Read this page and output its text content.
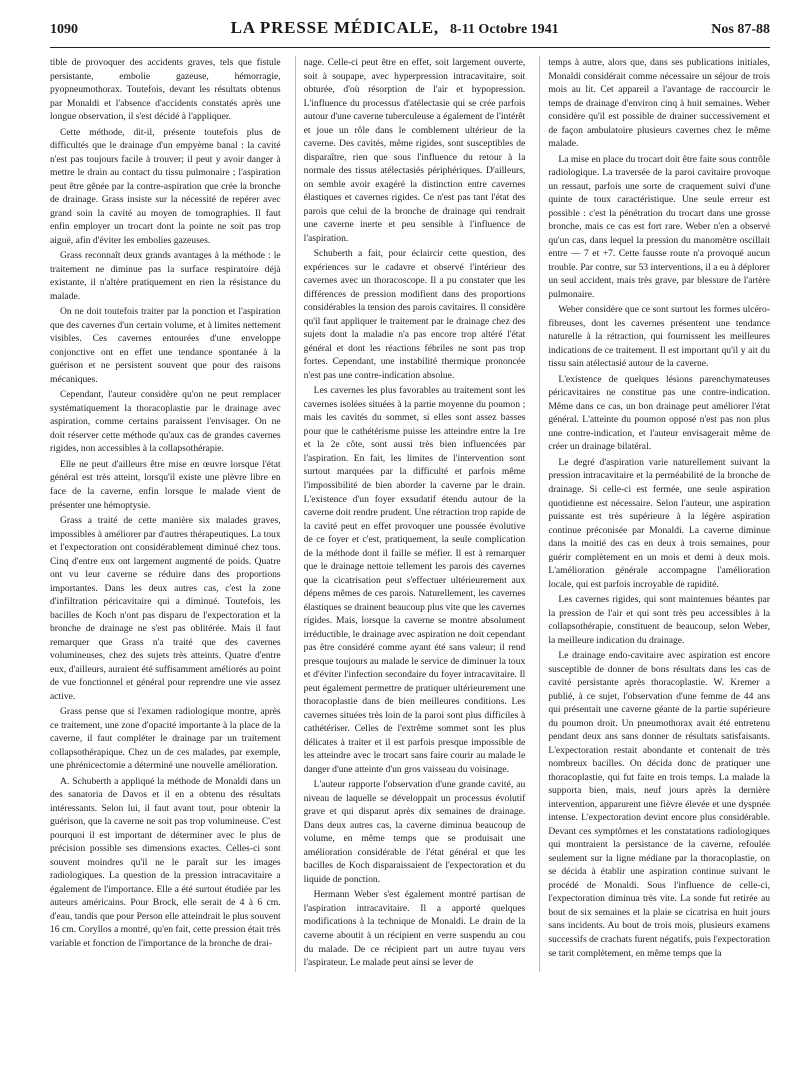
1090	LA PRESSE MÉDICALE, 8-11 Octobre 1941	Nos 87-88

tible de provoquer des accidents graves, tels que fistule persistante, embolie gazeuse, hémorragie, pyopneumothorax. Toutefois, devant les résultats obtenus par Monaldi et l'absence d'accidents constatés après une longue observation, il s'est décidé à l'appliquer.

Cette méthode, dit-il, présente toutefois plus de difficultés que le drainage d'un empyème banal : la cavité n'est pas toujours facile à trouver; il peut y avoir danger à mettre le drain au contact du tissu pulmonaire ; l'aspiration peut être gênée par la contre-aspiration que crée la bronche de drainage. Grass insiste sur la nécessité de repérer avec grand soin la cavité au moyen de tomographies. Il faut enfin employer un trocart dont la pointe ne soit pas trop aiguë, afin d'éviter les embolies gazeuses.

Grass reconnaît deux grands avantages à la méthode : le traitement ne diminue pas la surface respiratoire déjà existante, il n'altère pratiquement en rien la résistance du malade.

On ne doit toutefois traiter par la ponction et l'aspiration que des cavernes d'un certain volume, et à limites nettement visibles. Ces cavernes entourées d'une enveloppe conjonctive ont en effet une tendance spontanée à la guérison et ne persistent souvent que pour des raisons mécaniques.

Cependant, l'auteur considère qu'on ne peut remplacer systématiquement la thoracoplastie par le drainage avec aspiration, comme certains paraissent l'envisager. On ne doit réserver cette méthode qu'aux cas de grandes cavernes rigides, non accessibles à la collapsothérapie.

Elle ne peut d'ailleurs être mise en œuvre lorsque l'état général est très atteint, lorsqu'il existe une plèvre libre en face de la caverne, enfin lorsque le malade vient de présenter une hémoptysie.

Grass a traité de cette manière six malades graves, impossibles à améliorer par d'autres thérapeutiques. La toux et l'expectoration ont considérablement diminué chez tous. Cinq d'entre eux ont largement augmenté de poids. Quatre ont vu leur caverne se réduire dans des proportions importantes. Dans les deux autres cas, c'est la zone d'infiltration péricavitaire qui a diminué. Toutefois, les bacilles de Koch n'ont pas disparu de l'expectoration et la bronche de drainage ne s'est pas oblitérée. Mais il faut remarquer que Grass n'a traité que des cavernes volumineuses, chez des sujets très atteints. Quatre d'entre eux, d'ailleurs, auraient été suffisamment améliorés au point de vue fonctionnel et général pour reprendre une vie assez active.

Grass pense que si l'examen radiologique montre, après ce traitement, une zone d'opacité importante à la place de la caverne, il faut compléter le drainage par un traitement collapsothérapique. Chez un de ces malades, par exemple, une phrénicectomie a déterminé une nouvelle amélioration.

A. Schuberth a appliqué la méthode de Monaldi dans un des sanatoria de Davos et il en a obtenu des résultats intéressants. Selon lui, il faut avant tout, pour obtenir la guérison, que la caverne ne soit pas trop volumineuse. C'est pourquoi il est important de déterminer avec le plus de précision possible ses dimensions exactes. Celles-ci sont souvent moindres qu'il ne le paraît sur les images radiologiques. La question de la pression intracavitaire a également de l'importance. Elle a été surtout étudiée par les auteurs américains. Pour Brock, elle serait de 4 à 6 cm. d'eau, tandis que pour Person elle atteindrait le plus souvent 16 cm. Coryllos a montré, qu'en fait, cette pression était très variable et fonction de l'importance de la bronche de drai-

nage. Celle-ci peut être en effet, soit largement ouverte, soit à soupape, avec hyperpression intracavitaire, soit obturée, d'où résorption de l'air et hypopression. L'influence du processus d'atélectasie qui se crée parfois autour d'une caverne tuberculeuse a également de l'intérêt et joue un rôle dans le comblement ultérieur de la caverne. Des cavités, même rigides, sont susceptibles de disparaître, rien que sous l'influence du retour à la normale des tissus atélectasiés périphériques. D'ailleurs, on semble avoir exagéré la distinction entre cavernes élastiques et cavernes rigides. Ce n'est pas tant l'état des parois que celui de la bronche de drainage qui rendrait une caverne inerte et peu sensible à l'influence de l'aspiration.

Schuberth a fait, pour éclaircir cette question, des expériences sur le cadavre et observé l'intérieur des cavernes avec un thoracoscope. Il a pu constater que les différences de pression modifient dans des proportions considérables la tension des parois cavitaires. Il considère qu'il faut appliquer le traitement par le drainage chez des sujets dont la maladie n'a pas encore trop altéré l'état général et dont les réactions fébriles ne sont pas trop fortes. Cependant, une instabilité thermique prononcée n'est pas une contre-indication absolue.

Les cavernes les plus favorables au traitement sont les cavernes isolées situées à la partie moyenne du poumon ; mais les cavités du sommet, si elles sont assez basses pour que le cathétérisme puisse les atteindre entre la 1re et la 2e côte, sont aussi très bien influencées par l'aspiration. En fait, les limites de l'intervention sont surtout marquées par la difficulté et parfois même l'impossibilité de bien aborder la caverne par le drain. L'existence d'un foyer exsudatif étendu autour de la caverne doit rendre prudent. Une rétraction trop rapide de la cavité peut en effet provoquer une poussée évolutive de ce foyer et c'est, pratiquement, la seule complication de la méthode dont il faille se méfier. Il est à remarquer que le drainage nettoie tellement les parois des cavernes que la cicatrisation peut s'effectuer ultérieurement aux dépens mêmes de ces parois. Naturellement, les cavernes élastiques se drainent beaucoup plus vite que les cavernes rigides. Mais, lorsque la caverne se montre absolument irréductible, le drainage avec aspiration ne doit cependant pas être considéré comme ayant été sans valeur; il rend presque toujours au malade le service de diminuer la toux et d'éviter l'infection secondaire du foyer intracavitaire. Il peut également permettre de pratiquer ultérieurement une thoracoplastie dans de bien meilleures conditions. Les cavernes situées très loin de la paroi sont plus difficiles à cathétériser. Celles de l'extrême sommet sont les plus délicates à traiter et il est parfois presque impossible de les atteindre avec le trocart sans faire courir au malade le danger d'une atteinte d'un gros vaisseau du voisinage.

L'auteur rapporte l'observation d'une grande cavité, au niveau de laquelle se développait un processus évolutif grave et qui disparut après dix semaines de drainage. Dans deux autres cas, la caverne diminua beaucoup de volume, en même temps que se produisait une amélioration considérable de l'état général et que les bacilles de Koch disparaissaient de l'expectoration et du liquide de ponction.

Hermann Weber s'est également montré partisan de l'aspiration intracavitaire. Il a apporté quelques modifications à la technique de Monaldi. Le drain de la caverne aboutit à un récipient en verre suspendu au cou du malade. De ce récipient part un autre tuyau vers l'aspirateur. Le malade peut ainsi se lever de

temps à autre, alors que, dans ses publications initiales, Monaldi considérait comme nécessaire un séjour de trois mois au lit. Cet appareil a l'avantage de raccourcir le temps de drainage d'environ cinq à huit semaines. Weber considère qu'il est possible de drainer successivement et de façon ambulatoire plusieurs cavernes chez le même malade.

La mise en place du trocart doit être faite sous contrôle radiologique. La traversée de la paroi cavitaire provoque un ressaut, parfois une sorte de craquement suivi d'une quinte de toux caractéristique. Une seule erreur est possible : c'est la pénétration du trocart dans une grosse bronche, mais ce cas est fort rare. Weber n'en a observé qu'un cas, dans lequel la pression du manomètre oscillait entre — 7 et +7. Cette fausse route n'a provoqué aucun trouble. Par contre, sur 53 interventions, il a eu à déplorer un seul accident, mais très grave, par blessure de l'artère pulmonaire.

Weber considère que ce sont surtout les formes ulcéro-fibreuses, dont les cavernes présentent une tendance naturelle à la rétraction, qui fournissent les meilleures indications de ce traitement. Il est important qu'il y ait du tissu sain atélectasié autour de la caverne.

L'existence de quelques lésions parenchymateuses péricavitaires ne constitue pas une contre-indication. Même dans ce cas, un bon drainage peut améliorer l'état général. L'atteinte du poumon opposé n'est pas non plus une contre-indication, et l'auteur envisagerait même de créer un drainage bilatéral.

Le degré d'aspiration varie naturellement suivant la pression intracavitaire et la perméabilité de la bronche de drainage. Si celle-ci est fermée, une seule aspiration quotidienne est nécessaire. Selon l'auteur, une aspiration puissante est très supérieure à la légère aspiration continue préconisée par Monaldi. La caverne diminue dans la moitié des cas en deux à trois semaines, pour guérir complètement en un mois et demi à deux mois. L'amélioration générale accompagne l'amélioration locale, qui est parfois incroyable de rapidité.

Les cavernes rigides, qui sont maintenues béantes par la pression de l'air et qui sont très peu accessibles à la collapsothérapie, constituent de beaucoup, selon Weber, la meilleure indication du drainage.

Le drainage endo-cavitaire avec aspiration est encore susceptible de donner de bons résultats dans les cas de cavité persistante après thoracoplastie. W. Kremer a publié, à ce sujet, l'observation d'une femme de 44 ans qui présentait une caverne géante de la partie supérieure du poumon droit. Un pneumothorax avait été entretenu pendant deux ans sans donner de résultats satisfaisants. L'expectoration restait abondante et contenait de très nombreux bacilles. On décida donc de pratiquer une thoracoplastie, qui fut faite en trois temps. La malade la supporta bien, mais, neuf jours après la dernière intervention, apparurent une fièvre élevée et une dyspnée intense. L'expectoration devint encore plus considérable. Devant ces symptômes et les constatations radiologiques qui montraient la persistance de la caverne, refoulée seulement sur la ligne médiane par la thoracoplastie, on se décida à établir une aspiration continue suivant le procédé de Monaldi. Sous l'influence de celle-ci, l'expectoration diminua très vite. La sonde fut retirée au bout de six semaines et la plaie se cicatrisa en huit jours sans incidents. Au bout de trois mois, plusieurs examens successifs de crachats furent négatifs, puis l'expectoration se tarit complètement, en même temps que la
